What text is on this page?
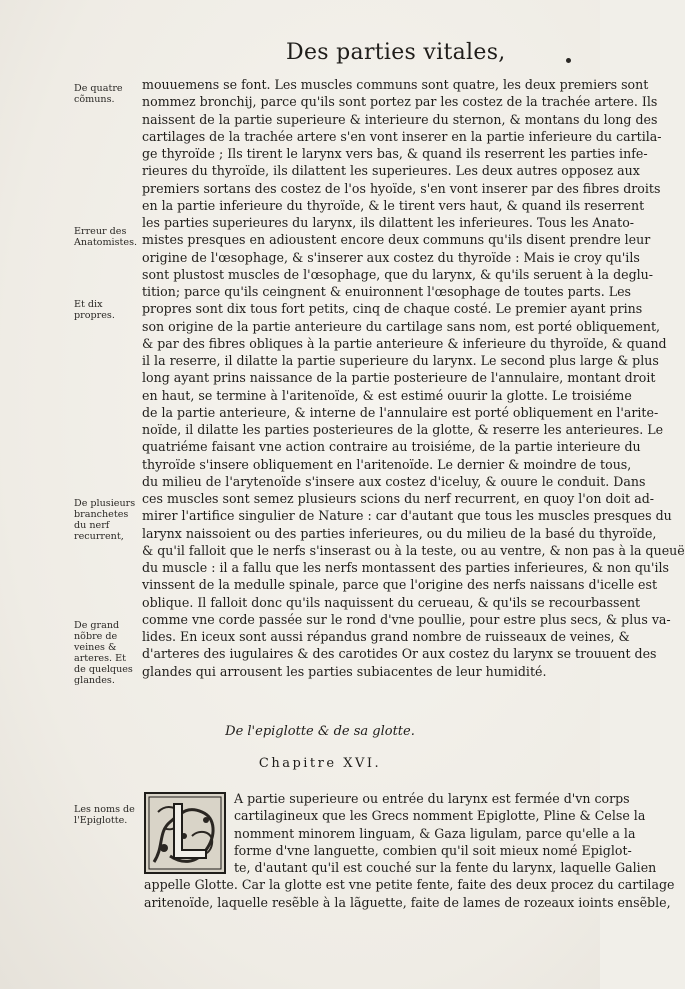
Des parties vitales,
De quatre cõmuns.
Erreur des Anatomistes.
Et dix propres.
De plusieurs branchetes du nerf recurrent,
De grand nõbre de veines & arteres. Et de quelques glandes.
Les noms de l'Epiglotte.
mouuemens se font. Les muscles communs sont quatre, les deux premiers sont
nommez bronchij, parce qu'ils sont portez par les costez de la trachée artere. Ils
naissent de la partie superieure & interieure du sternon, & montans du long des
cartilages de la trachée artere s'en vont inserer en la partie inferieure du cartila-
ge thyroïde ; Ils tirent le larynx vers bas, & quand ils reserrent les parties infe-
rieures du thyroïde, ils dilattent les superieures. Les deux autres opposez aux
premiers sortans des costez de l'os hyoïde, s'en vont inserer par des fibres droits
en la partie inferieure du thyroïde, & le tirent vers haut, & quand ils reserrent
les parties superieures du larynx, ils dilattent les inferieures. Tous les Anato-
mistes presques en adioustent encore deux communs qu'ils disent prendre leur
origine de l'œsophage, & s'inserer aux costez du thyroïde : Mais ie croy qu'ils
sont plustost muscles de l'œsophage, que du larynx, & qu'ils seruent à la deglu-
tition; parce qu'ils ceingnent & enuironnent l'œsophage de toutes parts. Les
propres sont dix tous fort petits, cinq de chaque costé. Le premier ayant prins
son origine de la partie anterieure du cartilage sans nom, est porté obliquement,
& par des fibres obliques à la partie anterieure & inferieure du thyroïde, & quand
il la reserre, il dilatte la partie superieure du larynx. Le second plus large & plus
long ayant prins naissance de la partie posterieure de l'annulaire, montant droit
en haut, se termine à l'aritenoïde, & est estimé ouurir la glotte. Le troisiéme
de la partie anterieure, & interne de l'annulaire est porté obliquement en l'arite-
noïde, il dilatte les parties posterieures de la glotte, & reserre les anterieures. Le
quatriéme faisant vne action contraire au troisiéme, de la partie interieure du
thyroïde s'insere obliquement en l'aritenoïde. Le dernier & moindre de tous,
du milieu de l'arytenoïde s'insere aux costez d'iceluy, & ouure le conduit. Dans
ces muscles sont semez plusieurs scions du nerf recurrent, en quoy l'on doit ad-
mirer l'artifice singulier de Nature : car d'autant que tous les muscles presques du
larynx naissoient ou des parties inferieures, ou du milieu de la basé du thyroïde,
& qu'il falloit que le nerfs s'inserast ou à la teste, ou au ventre, & non pas à la queuë
du muscle : il a fallu que les nerfs montassent des parties inferieures, & non qu'ils
vinssent de la medulle spinale, parce que l'origine des nerfs naissans d'icelle est
oblique. Il falloit donc qu'ils naquissent du cerueau, & qu'ils se recourbassent
comme vne corde passée sur le rond d'vne poullie, pour estre plus secs, & plus va-
lides. En iceux sont aussi répandus grand nombre de ruisseaux de veines, &
d'arteres des iugulaires & des carotides Or aux costez du larynx se trouuent des
glandes qui arrousent les parties subiacentes de leur humidité.
De l'epiglotte & de sa glotte.
Chapitre XVI.
A partie superieure ou entrée du larynx est fermée d'vn corps
cartilagineux que les Grecs nomment Epiglotte, Pline & Celse la
nomment minorem linguam, & Gaza ligulam, parce qu'elle a la
forme d'vne languette, combien qu'il soit mieux nomé Epiglot-
te, d'autant qu'il est couché sur la fente du larynx, laquelle Galien
appelle Glotte. Car la glotte est vne petite fente, faite des deux procez du cartilage
aritenoïde, laquelle resẽble à la lãguette, faite de lames de rozeaux ioints ensẽble,
